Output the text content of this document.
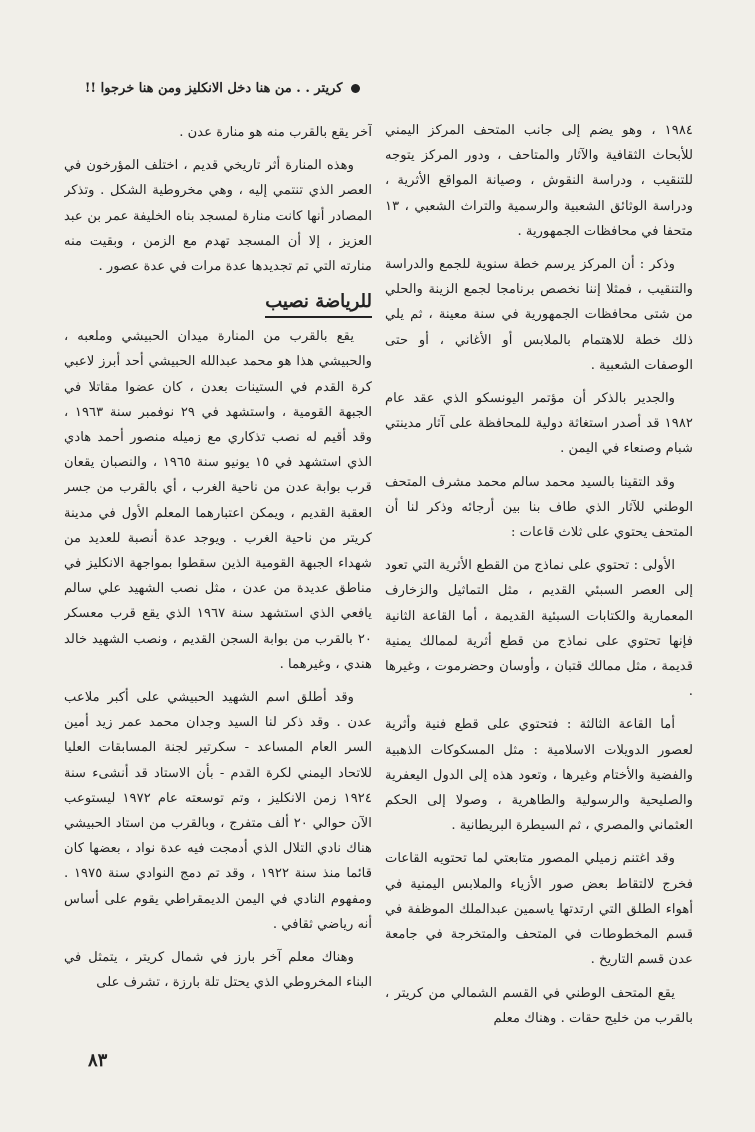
كريتر . . من هنا دخل الانكليز ومن هنا خرجوا !!

١٩٨٤ ، وهو يضم إلى جانب المتحف المركز اليمني للأبحاث الثقافية والآثار والمتاحف ، ودور المركز يتوجه للتنقيب ، ودراسة النقوش ، وصيانة المواقع الأثرية ، ودراسة الوثائق الشعبية والرسمية والتراث الشعبي ، ١٣ متحفا في محافظات الجمهورية .

وذكر : أن المركز يرسم خطة سنوية للجمع والدراسة والتنقيب ، فمثلا إننا نخصص برنامجا لجمع الزينة والحلي من شتى محافظات الجمهورية في سنة معينة ، ثم يلي ذلك خطة للاهتمام بالملابس أو الأغاني ، أو حتى الوصفات الشعبية .

والجدير بالذكر أن مؤتمر اليونسكو الذي عقد عام ١٩٨٢ قد أصدر استغاثة دولية للمحافظة على آثار مدينتي شبام وصنعاء في اليمن .

وقد التقينا بالسيد محمد سالم محمد مشرف المتحف الوطني للآثار الذي طاف بنا بين أرجائه وذكر لنا أن المتحف يحتوي على ثلاث قاعات :

الأولى : تحتوي على نماذج من القطع الأثرية التي تعود إلى العصر السبئي القديم ، مثل التماثيل والزخارف المعمارية والكتابات السبئية القديمة ، أما القاعة الثانية فإنها تحتوي على نماذج من قطع أثرية لممالك يمنية قديمة ، مثل ممالك قتبان ، وأوسان وحضرموت ، وغيرها .

أما القاعة الثالثة : فتحتوي على قطع فنية وأثرية لعصور الدويلات الاسلامية : مثل المسكوكات الذهبية والفضية والأختام وغيرها ، وتعود هذه إلى الدول اليعفرية والصليحية والرسولية والطاهرية ، وصولا إلى الحكم العثماني والمصري ، ثم السيطرة البريطانية .

وقد اغتنم زميلي المصور متابعتي لما تحتويه القاعات فخرج لالتقاط بعض صور الأزياء والملابس اليمنية في أهواء الطلق التي ارتدتها ياسمين عبدالملك الموظفة في قسم المخطوطات في المتحف والمتخرجة في جامعة عدن قسم التاريخ .

يقع المتحف الوطني في القسم الشمالي من كريتر ، بالقرب من خليج حقات . وهناك معلم

آخر يقع بالقرب منه هو منارة عدن .

وهذه المنارة أثر تاريخي قديم ، اختلف المؤرخون في العصر الذي تنتمي إليه ، وهي مخروطية الشكل . وتذكر المصادر أنها كانت منارة لمسجد بناه الخليفة عمر بن عبد العزيز ، إلا أن المسجد تهدم مع الزمن ، وبقيت منه منارته التي تم تجديدها عدة مرات في عدة عصور .

للرياضة نصيب

يقع بالقرب من المنارة ميدان الحبيشي وملعبه ، والحبيشي هذا هو محمد عبدالله الحبيشي أحد أبرز لاعبي كرة القدم في الستينات بعدن ، كان عضوا مقاتلا في الجبهة القومية ، واستشهد في ٢٩ نوفمبر سنة ١٩٦٣ ، وقد أقيم له نصب تذكاري مع زميله منصور أحمد هادي الذي استشهد في ١٥ يونيو سنة ١٩٦٥ ، والنصبان يقعان قرب بوابة عدن من ناحية الغرب ، أي بالقرب من جسر العقبة القديم ، ويمكن اعتبارهما المعلم الأول في مدينة كريتر من ناحية الغرب . ويوجد عدة أنصبة للعديد من شهداء الجبهة القومية الذين سقطوا بمواجهة الانكليز في مناطق عديدة من عدن ، مثل نصب الشهيد علي سالم يافعي الذي استشهد سنة ١٩٦٧ الذي يقع قرب معسكر ٢٠ بالقرب من بوابة السجن القديم ، ونصب الشهيد خالد هندي ، وغيرهما .

وقد أطلق اسم الشهيد الحبيشي على أكبر ملاعب عدن . وقد ذكر لنا السيد وجدان محمد عمر زيد أمين السر العام المساعد - سكرتير لجنة المسابقات العليا للاتحاد اليمني لكرة القدم - بأن الاستاد قد أنشىء سنة ١٩٢٤ زمن الانكليز ، وتم توسعته عام ١٩٧٢ ليستوعب الآن حوالي ٢٠ ألف متفرج ، وبالقرب من استاد الحبيشي هناك نادي التلال الذي أدمجت فيه عدة نواد ، بعضها كان قائما منذ سنة ١٩٢٢ ، وقد تم دمج النوادي سنة ١٩٧٥ . ومفهوم النادي في اليمن الديمقراطي يقوم على أساس أنه رياضي ثقافي .

وهناك معلم آخر بارز في شمال كريتر ، يتمثل في البناء المخروطي الذي يحتل تلة بارزة ، تشرف على

٨٣
